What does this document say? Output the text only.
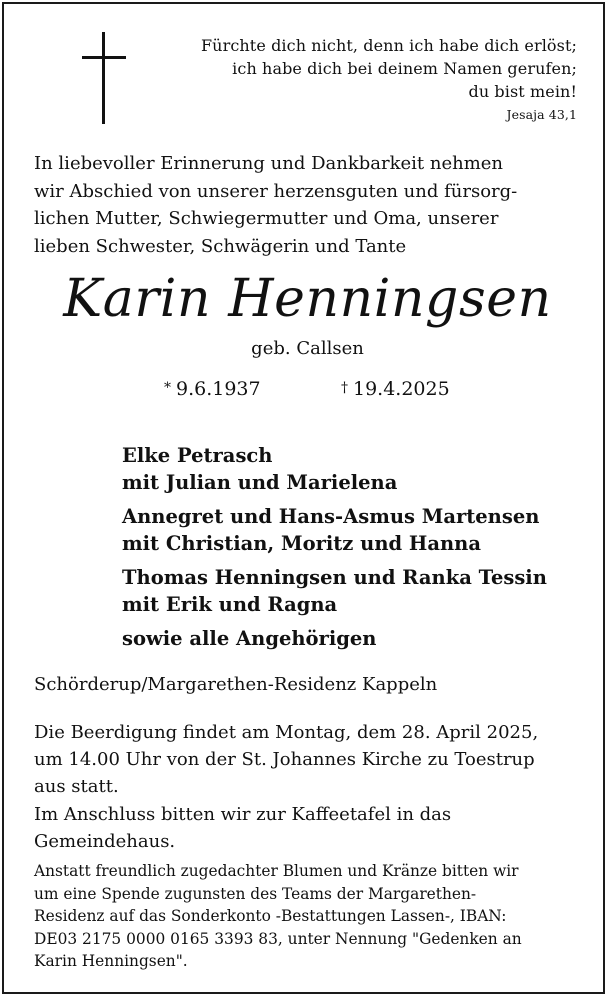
Fürchte dich nicht, denn ich habe dich erlöst;
ich habe dich bei deinem Namen gerufen;
du bist mein!
Jesaja 43,1
In liebevoller Erinnerung und Dankbarkeit nehmen
wir Abschied von unserer herzensguten und fürsorg-
lichen Mutter, Schwiegermutter und Oma, unserer
lieben Schwester, Schwägerin und Tante
Karin Henningsen
geb. Callsen
* 9.6.1937	† 19.4.2025
Elke Petrasch
mit Julian und Marielena
Annegret und Hans-Asmus Martensen
mit Christian, Moritz und Hanna
Thomas Henningsen und Ranka Tessin
mit Erik und Ragna
sowie alle Angehörigen
Schörderup/Margarethen-Residenz Kappeln
Die Beerdigung findet am Montag, dem 28. April 2025,
um 14.00 Uhr von der St. Johannes Kirche zu Toestrup
aus statt.
Im Anschluss bitten wir zur Kaffeetafel in das
Gemeindehaus.
Anstatt freundlich zugedachter Blumen und Kränze bitten wir
um eine Spende zugunsten des Teams der Margarethen-
Residenz auf das Sonderkonto -Bestattungen Lassen-, IBAN:
DE03 2175 0000 0165 3393 83, unter Nennung "Gedenken an
Karin Henningsen".
